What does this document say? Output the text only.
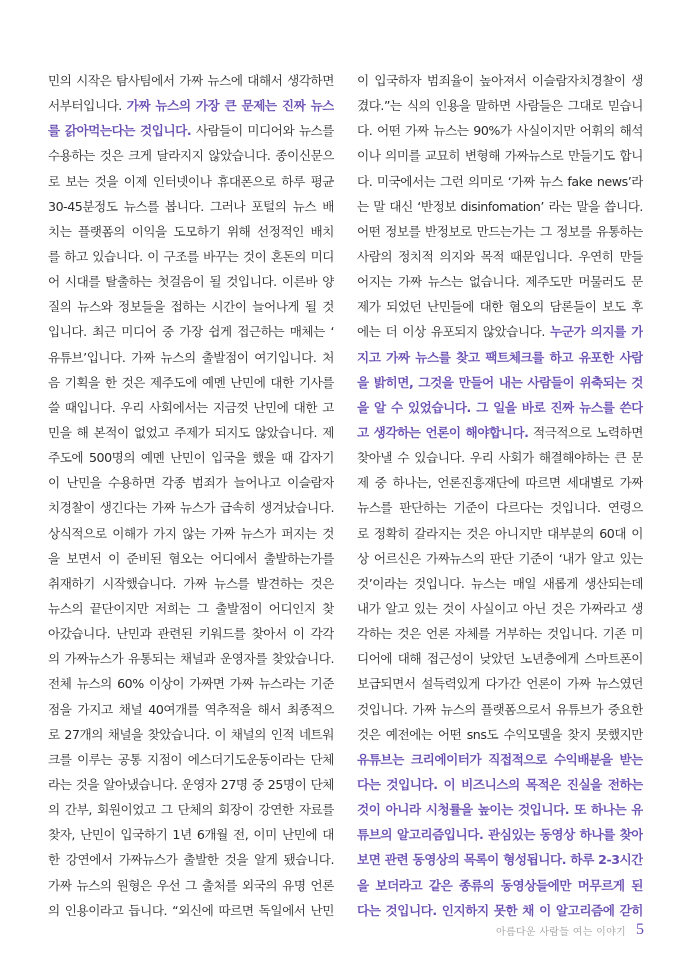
민의 시작은 탐사팀에서 가짜 뉴스에 대해서 생각하면
서부터입니다. 가짜 뉴스의 가장 큰 문제는 진짜 뉴스
를 갉아먹는다는 것입니다. 사람들이 미디어와 뉴스를
수용하는 것은 크게 달라지지 않았습니다. 종이신문으
로 보는 것을 이제 인터넷이나 휴대폰으로 하루 평균
30-45분정도 뉴스를 봅니다. 그러나 포털의 뉴스 배
치는 플랫폼의 이익을 도모하기 위해 선정적인 배치
를 하고 있습니다. 이 구조를 바꾸는 것이 혼돈의 미디
어 시대를 탈출하는 첫걸음이 될 것입니다. 이른바 양
질의 뉴스와 정보들을 접하는 시간이 늘어나게 될 것
입니다. 최근 미디어 중 가장 쉽게 접근하는 매체는 ‘
유튜브’입니다. 가짜 뉴스의 출발점이 여기입니다. 처
음 기획을 한 것은 제주도에 예멘 난민에 대한 기사를
쓸 때입니다. 우리 사회에서는 지금껏 난민에 대한 고
민을 해 본적이 없었고 주제가 되지도 않았습니다. 제
주도에 500명의 예멘 난민이 입국을 했을 때 갑자기
이 난민을 수용하면 각종 범죄가 늘어나고 이슬람자
치경찰이 생긴다는 가짜 뉴스가 급속히 생겨났습니다.
상식적으로 이해가 가지 않는 가짜 뉴스가 퍼지는 것
을 보면서 이 준비된 혐오는 어디에서 출발하는가를
취재하기 시작했습니다. 가짜 뉴스를 발견하는 것은
뉴스의 끝단이지만 저희는 그 출발점이 어디인지 찾
아갔습니다. 난민과 관련된 키워드를 찾아서 이 각각
의 가짜뉴스가 유통되는 채널과 운영자를 찾았습니다.
전체 뉴스의 60% 이상이 가짜면 가짜 뉴스라는 기준
점을 가지고 채널 40여개를 역추적을 해서 최종적으
로 27개의 채널을 찾았습니다. 이 채널의 인적 네트워
크를 이루는 공통 지점이 에스더기도운동이라는 단체
라는 것을 알아냈습니다. 운영자 27명 중 25명이 단체
의 간부, 회원이었고 그 단체의 회장이 강연한 자료를
찾자, 난민이 입국하기 1년 6개월 전, 이미 난민에 대
한 강연에서 가짜뉴스가 출발한 것을 알게 됐습니다.
가짜 뉴스의 원형은 우선 그 출처를 외국의 유명 언론
의 인용이라고 듭니다. “외신에 따르면 독일에서 난민
이 입국하자 범죄율이 높아져서 이슬람자치경찰이 생
겼다.”는 식의 인용을 말하면 사람들은 그대로 믿습니
다. 어떤 가짜 뉴스는 90%가 사실이지만 어휘의 해석
이나 의미를 교묘히 변형해 가짜뉴스로 만들기도 합니
다. 미국에서는 그런 의미로 ‘가짜 뉴스 fake news’라
는 말 대신 ‘반정보 disinfomation’ 라는 말을 씁니다.
어떤 정보를 반정보로 만드는가는 그 정보를 유통하는
사람의 정치적 의지와 목적 때문입니다. 우연히 만들
어지는 가짜 뉴스는 없습니다. 제주도만 머물러도 문
제가 되었던 난민들에 대한 혐오의 담론들이 보도 후
에는 더 이상 유포되지 않았습니다. 누군가 의지를 가
지고 가짜 뉴스를 찾고 팩트체크를 하고 유포한 사람
을 밝히면, 그것을 만들어 내는 사람들이 위축되는 것
을 알 수 있었습니다. 그 일을 바로 진짜 뉴스를 쓴다
고 생각하는 언론이 해야합니다. 적극적으로 노력하면
찾아낼 수 있습니다. 우리 사회가 해결해야하는 큰 문
제 중 하나는, 언론진흥재단에 따르면 세대별로 가짜
뉴스를 판단하는 기준이 다르다는 것입니다. 연령으
로 정확히 갈라지는 것은 아니지만 대부분의 60대 이
상 어르신은 가짜뉴스의 판단 기준이 ‘내가 알고 있는
것’이라는 것입니다. 뉴스는 매일 새롭게 생산되는데
내가 알고 있는 것이 사실이고 아닌 것은 가짜라고 생
각하는 것은 언론 자체를 거부하는 것입니다. 기존 미
디어에 대해 접근성이 낮았던 노년층에게 스마트폰이
보급되면서 설득력있게 다가간 언론이 가짜 뉴스였던
것입니다. 가짜 뉴스의 플랫폼으로서 유튜브가 중요한
것은 예전에는 어떤 sns도 수익모델을 찾지 못했지만
유튜브는 크리에이터가 직접적으로 수익배분을 받는
다는 것입니다. 이 비즈니스의 목적은 진실을 전하는
것이 아니라 시청률을 높이는 것입니다. 또 하나는 유
튜브의 알고리즘입니다. 관심있는 동영상 하나를 찾아
보면 관련 동영상의 목록이 형성됩니다. 하루 2-3시간
을 보더라고 같은 종류의 동영상들에만 머무르게 된
다는 것입니다. 인지하지 못한 채 이 알고리즘에 갇히
아름다운 사람들 여는 이야기 5
